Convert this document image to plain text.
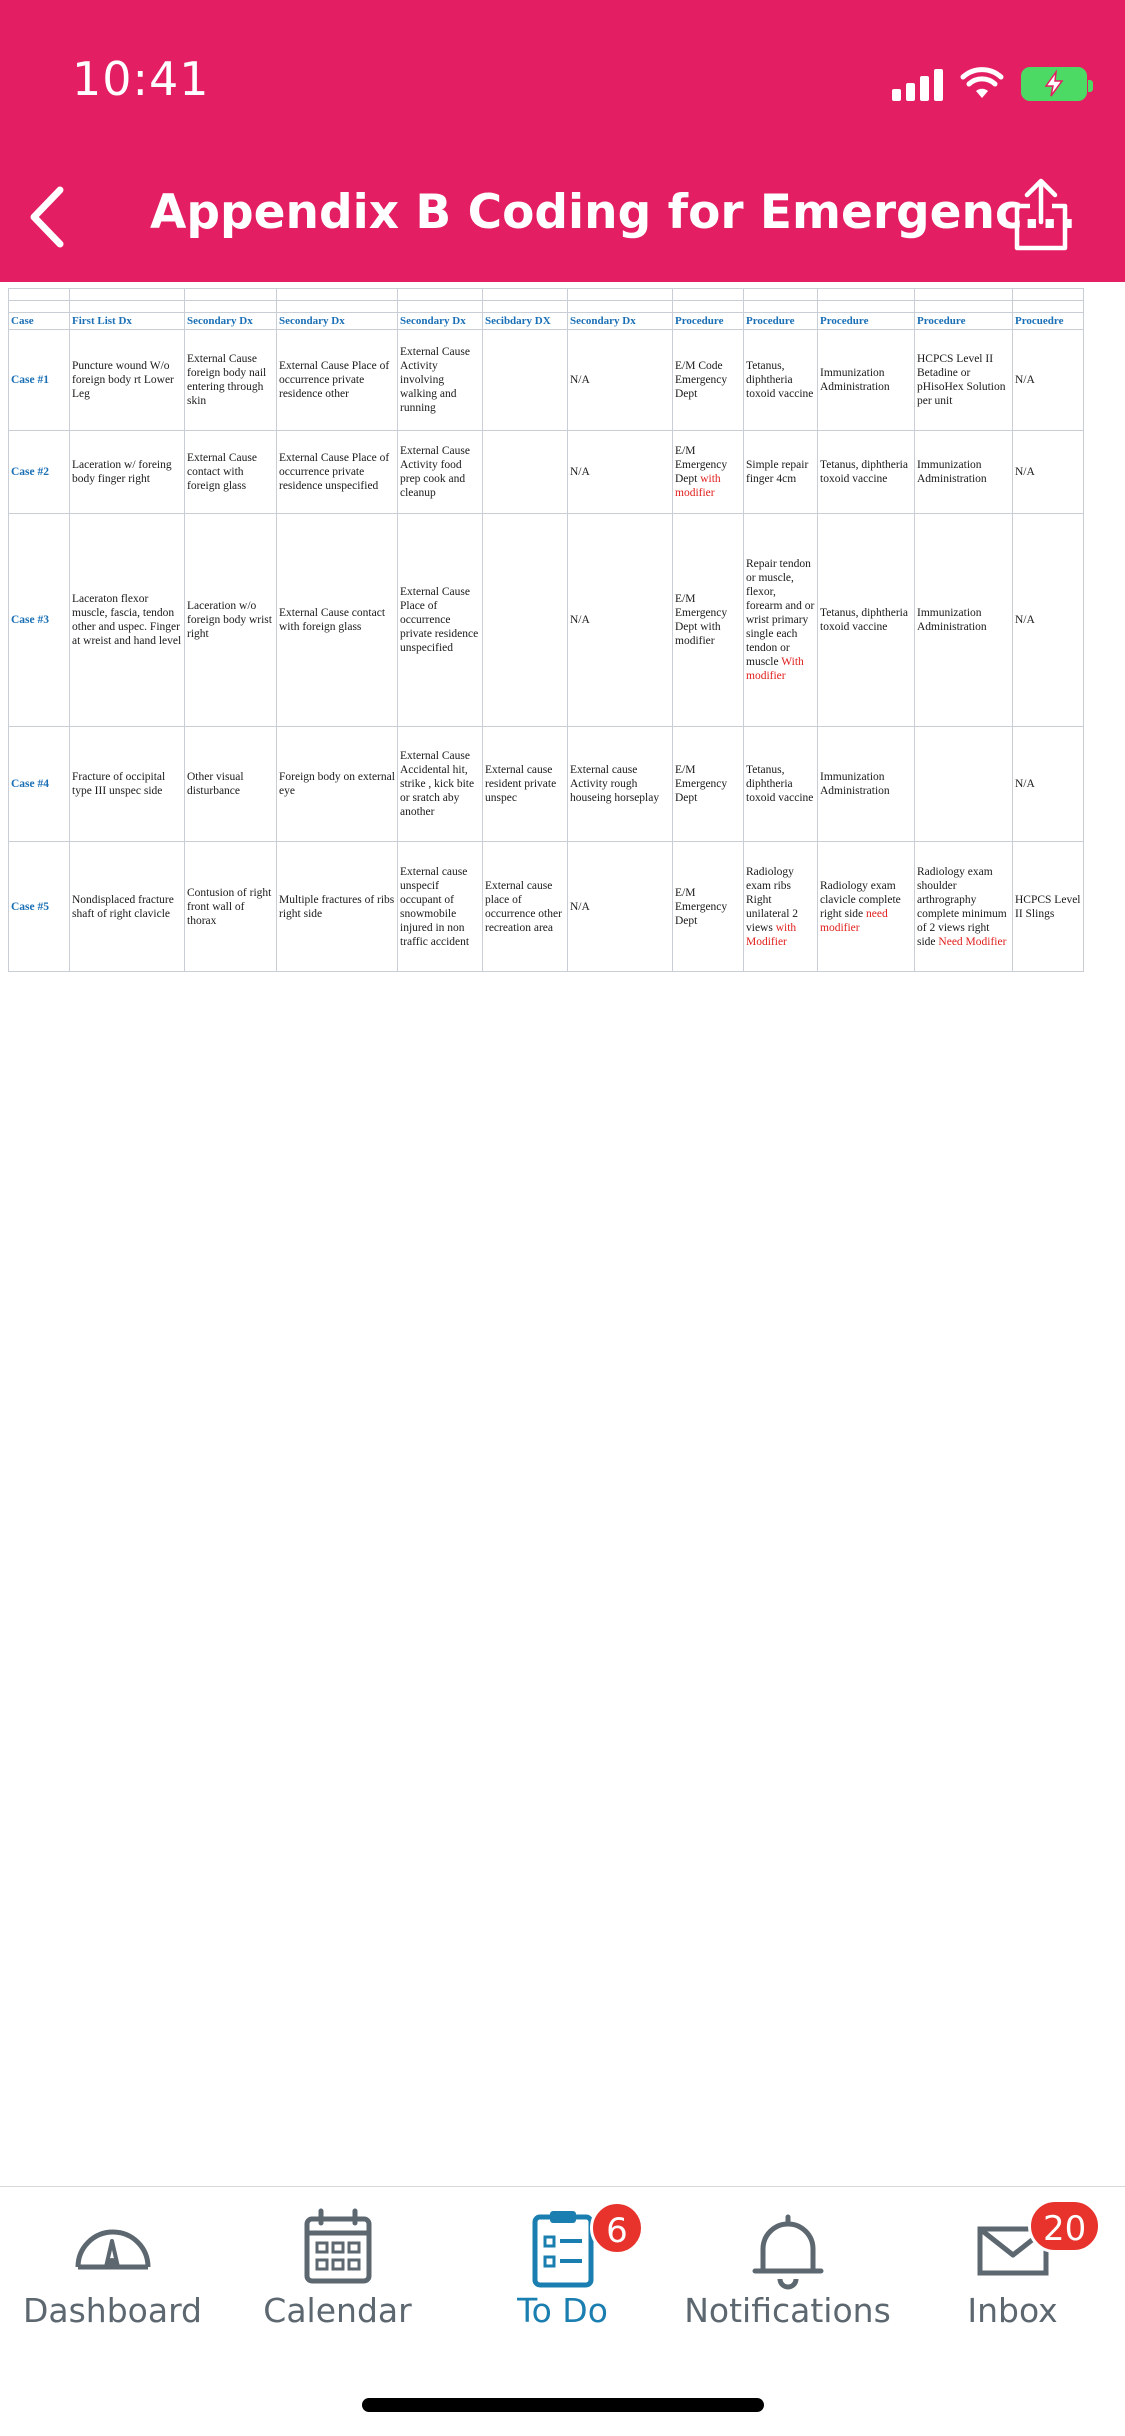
10:41
Appendix B Coding for Emergenc...

Case	First List Dx	Secondary Dx	Secondary Dx	Secondary Dx	Secibdary DX	Secondary Dx	Procedure	Procedure	Procedure	Procedure	Procuedre
Case #1	Puncture wound W/o foreign body rt Lower Leg	External Cause foreign body nail entering through skin	External Cause Place of occurrence private residence other	External Cause Activity involving walking and running		N/A	E/M Code Emergency Dept	Tetanus, diphtheria toxoid vaccine	Immunization Administration	HCPCS Level II Betadine or pHisoHex Solution per unit	N/A
Case #2	Laceration w/ foreing body finger right	External Cause contact with foreign glass	External Cause Place of occurrence private residence unspecified	External Cause Activity food prep cook and cleanup		N/A	E/M Emergency Dept with modifier	Simple repair finger 4cm	Tetanus, diphtheria toxoid vaccine	Immunization Administration	N/A
Case #3	Laceraton flexor muscle, fascia, tendon other and uspec. Finger at wreist and hand level	Laceration w/o foreign body wrist right	External Cause contact with foreign glass	External Cause Place of occurrence private residence unspecified		N/A	E/M Emergency Dept with modifier	Repair tendon or muscle, flexor, forearm and or wrist primary single each tendon or muscle With modifier	Tetanus, diphtheria toxoid vaccine	Immunization Administration	N/A
Case #4	Fracture of occipital type III unspec side	Other visual disturbance	Foreign body on external eye	External Cause Accidental hit, strike , kick bite or sratch aby another	External cause resident private unspec	External cause Activity rough houseing horseplay	E/M Emergency Dept	Tetanus, diphtheria toxoid vaccine	Immunization Administration		N/A
Case #5	Nondisplaced fracture shaft of right clavicle	Contusion of right front wall of thorax	Multiple fractures of ribs right side	External cause unspecif occupant of snowmobile injured in non traffic accident	External cause place of occurrence other recreation area	N/A	E/M Emergency Dept	Radiology exam ribs Right unilateral 2 views with Modifier	Radiology exam clavicle complete right side need modifier	Radiology exam shoulder arthrography complete minimum of 2 views right side Need Modifier	HCPCS Level II Slings
Dashboard	Calendar
6
To Do	Notifications
20
Inbox
